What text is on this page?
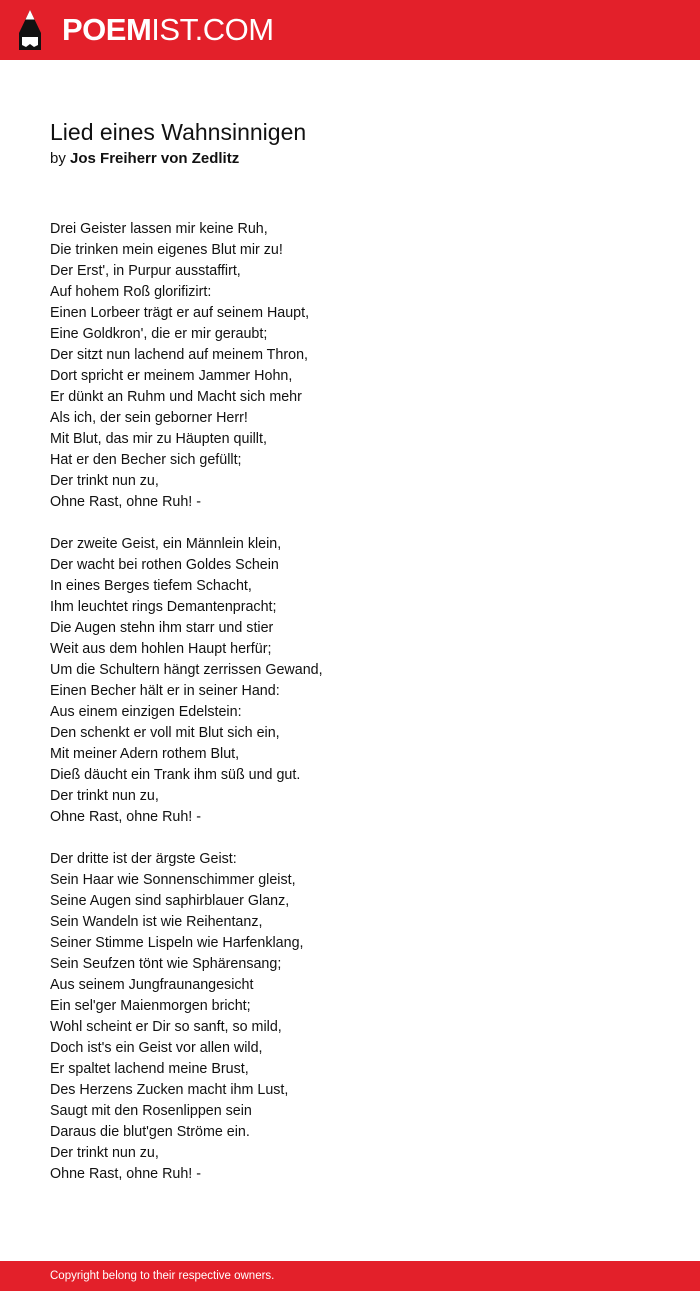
POEMIST.COM
Lied eines Wahnsinnigen
by Jos Freiherr von Zedlitz
Drei Geister lassen mir keine Ruh,
Die trinken mein eigenes Blut mir zu!
Der Erst', in Purpur ausstaffirt,
Auf hohem Roß glorifizirt:
Einen Lorbeer trägt er auf seinem Haupt,
Eine Goldkron', die er mir geraubt;
Der sitzt nun lachend auf meinem Thron,
Dort spricht er meinem Jammer Hohn,
Er dünkt an Ruhm und Macht sich mehr
Als ich, der sein geborner Herr!
Mit Blut, das mir zu Häupten quillt,
Hat er den Becher sich gefüllt;
Der trinkt nun zu,
Ohne Rast, ohne Ruh! -
Der zweite Geist, ein Männlein klein,
Der wacht bei rothen Goldes Schein
In eines Berges tiefem Schacht,
Ihm leuchtet rings Demantenpracht;
Die Augen stehn ihm starr und stier
Weit aus dem hohlen Haupt herfür;
Um die Schultern hängt zerrissen Gewand,
Einen Becher hält er in seiner Hand:
Aus einem einzigen Edelstein:
Den schenkt er voll mit Blut sich ein,
Mit meiner Adern rothem Blut,
Dieß däucht ein Trank ihm süß und gut.
Der trinkt nun zu,
Ohne Rast, ohne Ruh! -
Der dritte ist der ärgste Geist:
Sein Haar wie Sonnenschimmer gleist,
Seine Augen sind saphirblauer Glanz,
Sein Wandeln ist wie Reihentanz,
Seiner Stimme Lispeln wie Harfenklang,
Sein Seufzen tönt wie Sphärensang;
Aus seinem Jungfraunangesicht
Ein sel'ger Maienmorgen bricht;
Wohl scheint er Dir so sanft, so mild,
Doch ist's ein Geist vor allen wild,
Er spaltet lachend meine Brust,
Des Herzens Zucken macht ihm Lust,
Saugt mit den Rosenlippen sein
Daraus die blut'gen Ströme ein.
Der trinkt nun zu,
Ohne Rast, ohne Ruh! -
Copyright belong to their respective owners.
